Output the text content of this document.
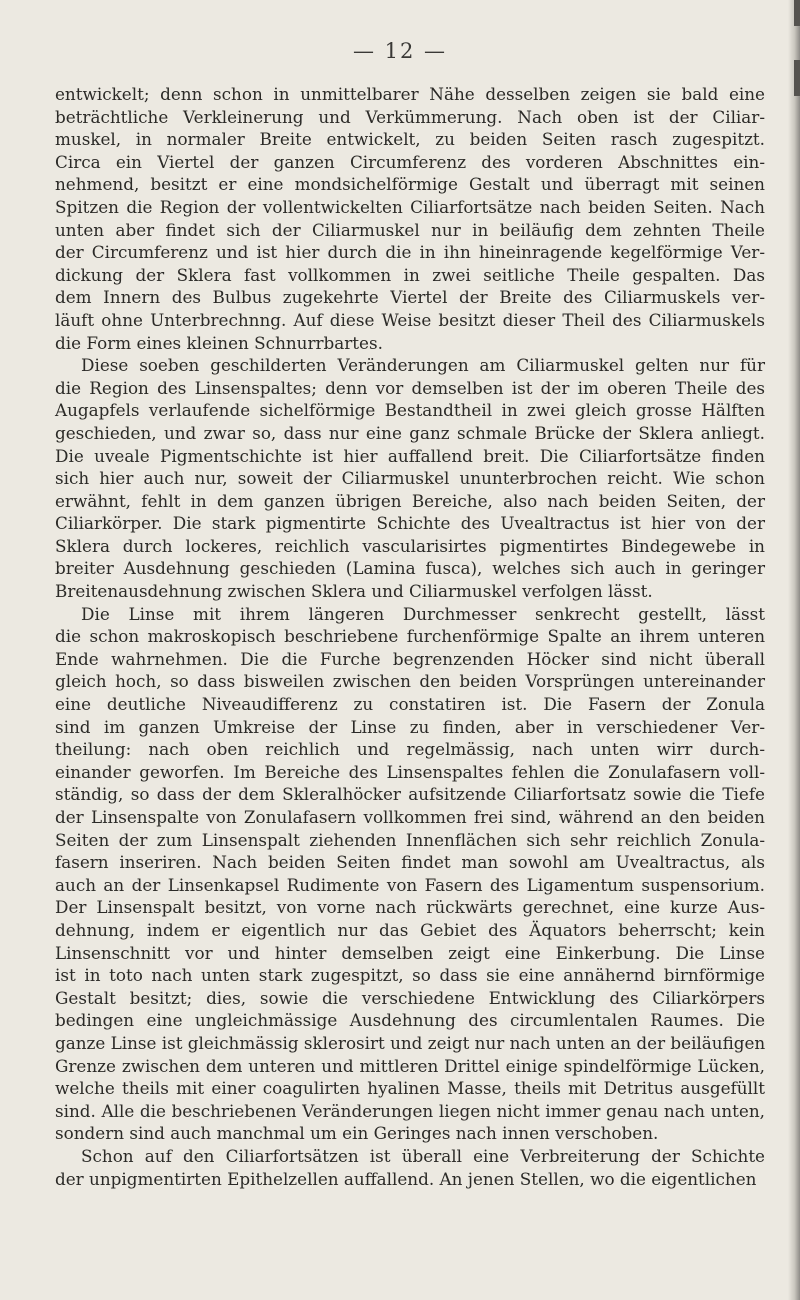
— 12 —
entwickelt; denn schon in unmittelbarer Nähe desselben zeigen sie bald eine
beträchtliche Verkleinerung und Verkümmerung. Nach oben ist der Ciliar-
muskel, in normaler Breite entwickelt, zu beiden Seiten rasch zugespitzt.
Circa ein Viertel der ganzen Circumferenz des vorderen Abschnittes ein-
nehmend, besitzt er eine mondsichelförmige Gestalt und überragt mit seinen
Spitzen die Region der vollentwickelten Ciliarfortsätze nach beiden Seiten. Nach
unten aber findet sich der Ciliarmuskel nur in beiläufig dem zehnten Theile
der Circumferenz und ist hier durch die in ihn hineinragende kegelförmige Ver-
dickung der Sklera fast vollkommen in zwei seitliche Theile gespalten. Das
dem Innern des Bulbus zugekehrte Viertel der Breite des Ciliarmuskels ver-
läuft ohne Unterbrechnng. Auf diese Weise besitzt dieser Theil des Ciliarmuskels
die Form eines kleinen Schnurrbartes.
Diese soeben geschilderten Veränderungen am Ciliarmuskel gelten nur für
die Region des Linsenspaltes; denn vor demselben ist der im oberen Theile des
Augapfels verlaufende sichelförmige Bestandtheil in zwei gleich grosse Hälften
geschieden, und zwar so, dass nur eine ganz schmale Brücke der Sklera anliegt.
Die uveale Pigmentschichte ist hier auffallend breit. Die Ciliarfortsätze finden
sich hier auch nur, soweit der Ciliarmuskel ununterbrochen reicht. Wie schon
erwähnt, fehlt in dem ganzen übrigen Bereiche, also nach beiden Seiten, der
Ciliarkörper. Die stark pigmentirte Schichte des Uvealtractus ist hier von der
Sklera durch lockeres, reichlich vascularisirtes pigmentirtes Bindegewebe in
breiter Ausdehnung geschieden (Lamina fusca), welches sich auch in geringer
Breitenausdehnung zwischen Sklera und Ciliarmuskel verfolgen lässt.
Die Linse mit ihrem längeren Durchmesser senkrecht gestellt, lässt
die schon makroskopisch beschriebene furchenförmige Spalte an ihrem unteren
Ende wahrnehmen. Die die Furche begrenzenden Höcker sind nicht überall
gleich hoch, so dass bisweilen zwischen den beiden Vorsprüngen untereinander
eine deutliche Niveaudifferenz zu constatiren ist. Die Fasern der Zonula
sind im ganzen Umkreise der Linse zu finden, aber in verschiedener Ver-
theilung: nach oben reichlich und regelmässig, nach unten wirr durch-
einander geworfen. Im Bereiche des Linsenspaltes fehlen die Zonulafasern voll-
ständig, so dass der dem Skleralhöcker aufsitzende Ciliarfortsatz sowie die Tiefe
der Linsenspalte von Zonulafasern vollkommen frei sind, während an den beiden
Seiten der zum Linsenspalt ziehenden Innenflächen sich sehr reichlich Zonula-
fasern inseriren. Nach beiden Seiten findet man sowohl am Uvealtractus, als
auch an der Linsenkapsel Rudimente von Fasern des Ligamentum suspensorium.
Der Linsenspalt besitzt, von vorne nach rückwärts gerechnet, eine kurze Aus-
dehnung, indem er eigentlich nur das Gebiet des Äquators beherrscht; kein
Linsenschnitt vor und hinter demselben zeigt eine Einkerbung. Die Linse
ist in toto nach unten stark zugespitzt, so dass sie eine annähernd birnförmige
Gestalt besitzt; dies, sowie die verschiedene Entwicklung des Ciliarkörpers
bedingen eine ungleichmässige Ausdehnung des circumlentalen Raumes. Die
ganze Linse ist gleichmässig sklerosirt und zeigt nur nach unten an der beiläufigen
Grenze zwischen dem unteren und mittleren Drittel einige spindelförmige Lücken,
welche theils mit einer coagulirten hyalinen Masse, theils mit Detritus ausgefüllt
sind. Alle die beschriebenen Veränderungen liegen nicht immer genau nach unten,
sondern sind auch manchmal um ein Geringes nach innen verschoben.
Schon auf den Ciliarfortsätzen ist überall eine Verbreiterung der Schichte
der unpigmentirten Epithelzellen auffallend. An jenen Stellen, wo die eigentlichen
